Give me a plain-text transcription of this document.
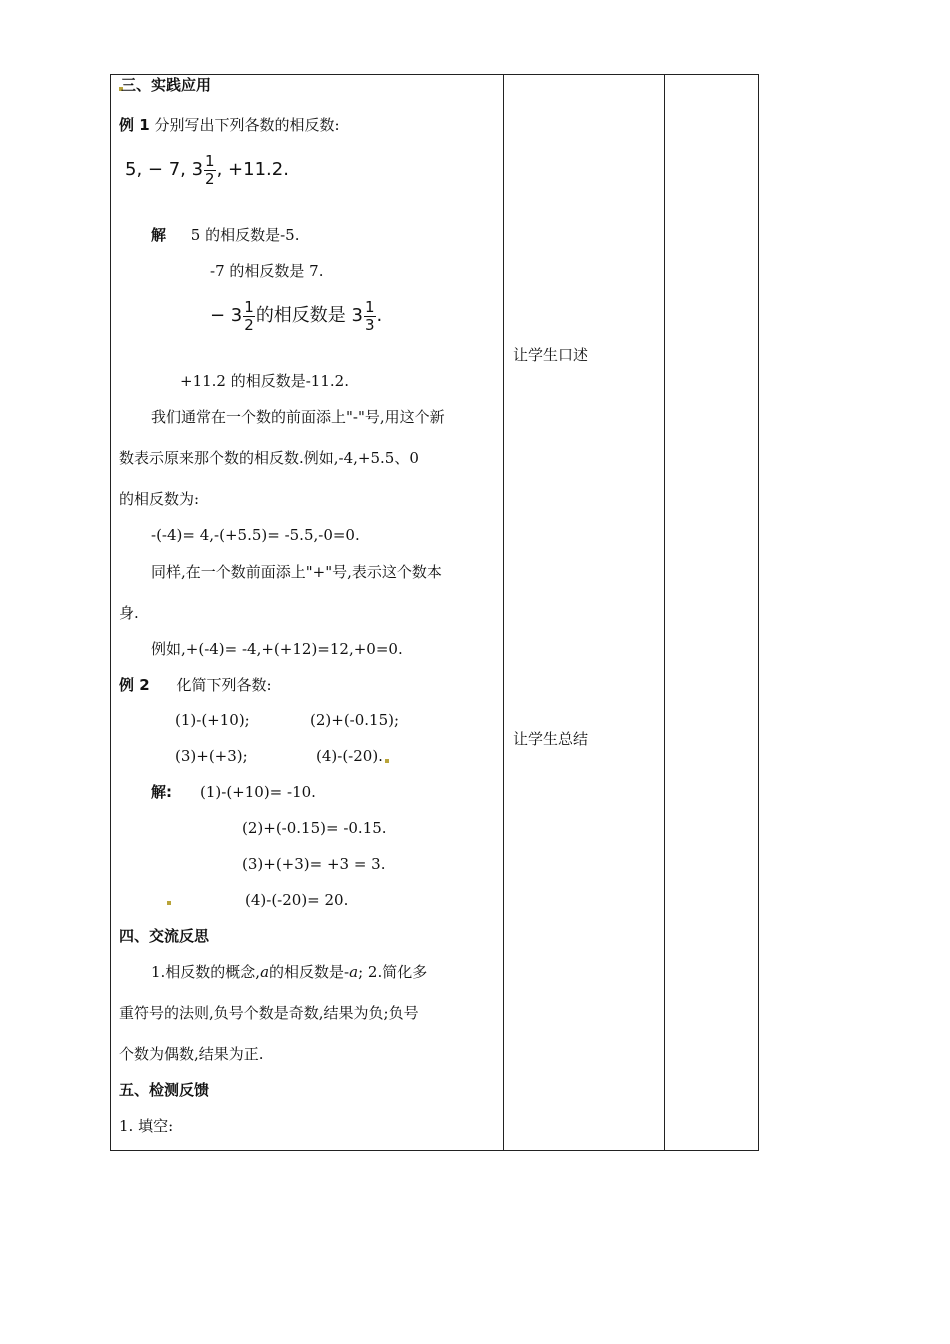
三、实践应用
例 1 分别写出下列各数的相反数:
5, − 7, $3 \frac{1}{2}$ , +11.2.
解 5 的相反数是-5.
-7 的相反数是 7.
− $3 \frac{1}{2}$ 的相反数是 $3 \frac{1}{3}$ .
+11.2 的相反数是-11.2.
我们通常在一个数的前面添上"-"号,用这个新
数表示原来那个数的相反数.例如,-4,+5.5、0
的相反数为:
-(-4)= 4,-(+5.5)= -5.5,-0=0.
同样,在一个数前面添上"+"号,表示这个数本
身.
例如,+(-4)= -4,+(+12)=12,+0=0.
例 2 化简下列各数:
(1)-(+10);	(2)+(-0.15);
(3)+(+3);	(4)-(-20).
解: (1)-(+10)= -10.
(2)+(-0.15)= -0.15.
(3)+(+3)= +3 = 3.
(4)-(-20)= 20.
四、交流反思
1.相反数的概念,a的相反数是-a; 2.简化多
重符号的法则,负号个数是奇数,结果为负;负号
个数为偶数,结果为正.
五、检测反馈
1. 填空:
让学生口述
让学生总结
